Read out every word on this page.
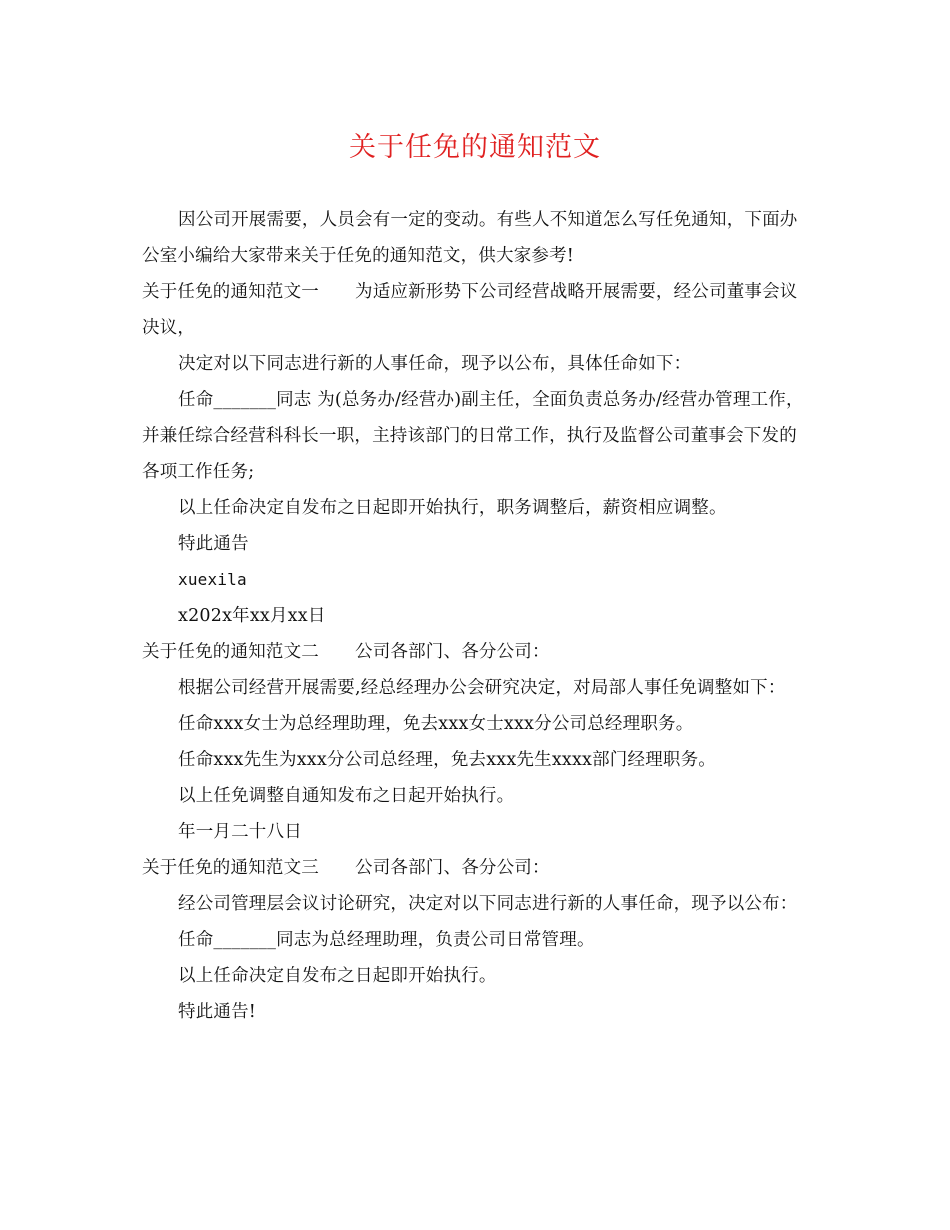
关于任免的通知范文

因公司开展需要，人员会有一定的变动。有些人不知道怎么写任免通知，下面办公室小编给大家带来关于任免的通知范文，供大家参考!

关于任免的通知范文一 为适应新形势下公司经营战略开展需要，经公司董事会议决议，

决定对以下同志进行新的人事任命，现予以公布，具体任命如下：

任命_______同志 为(总务办/经营办)副主任，全面负责总务办/经营办管理工作，并兼任综合经营科科长一职，主持该部门的日常工作，执行及监督公司董事会下发的各项工作任务;

以上任命决定自发布之日起即开始执行，职务调整后，薪资相应调整。

特此通告

xuexila

x202x年xx月xx日

关于任免的通知范文二 公司各部门、各分公司：

根据公司经营开展需要,经总经理办公会研究决定，对局部人事任免调整如下：

任命xxx女士为总经理助理，免去xxx女士xxx分公司总经理职务。

任命xxx先生为xxx分公司总经理，免去xxx先生xxxx部门经理职务。

以上任免调整自通知发布之日起开始执行。

年一月二十八日

关于任免的通知范文三 公司各部门、各分公司：

经公司管理层会议讨论研究，决定对以下同志进行新的人事任命，现予以公布：

任命_______同志为总经理助理，负责公司日常管理。

以上任命决定自发布之日起即开始执行。

特此通告!
